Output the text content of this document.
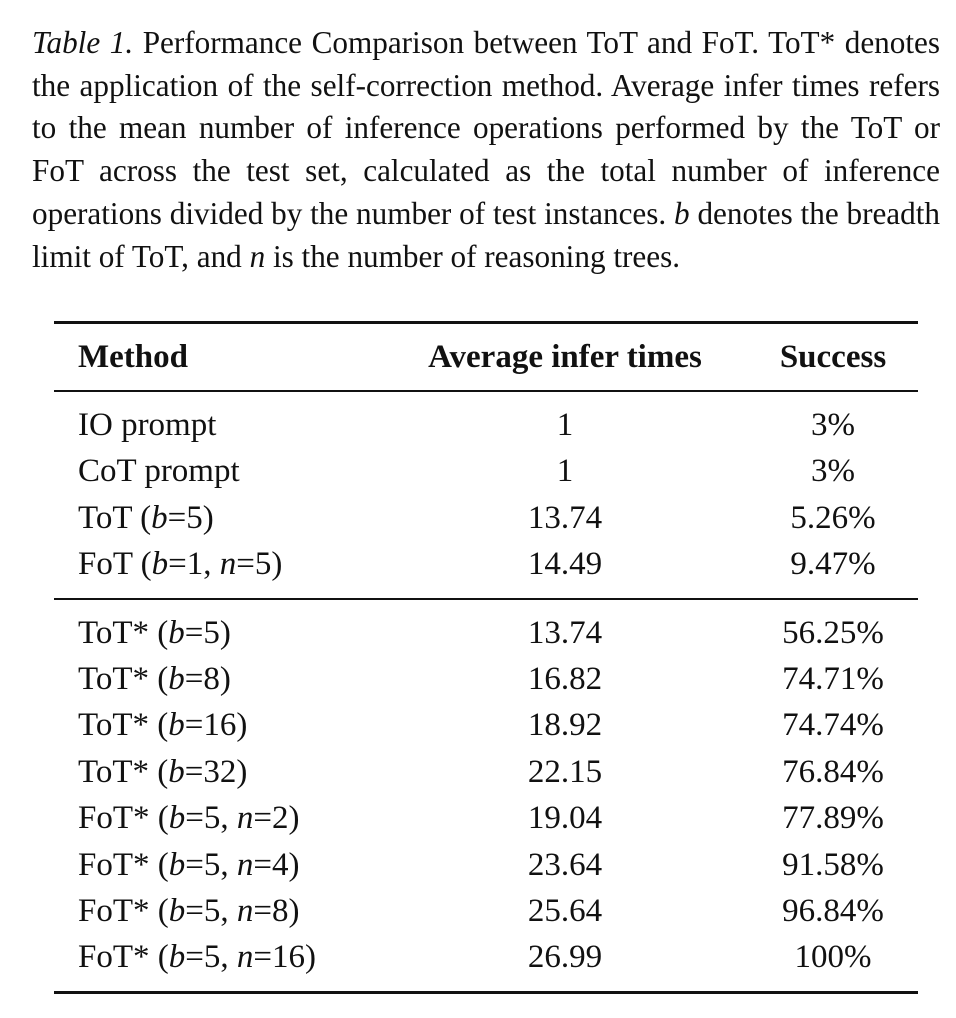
Table 1. Performance Comparison between ToT and FoT. ToT* denotes the application of the self-correction method. Average infer times refers to the mean number of inference operations performed by the ToT or FoT across the test set, calculated as the total number of inference operations divided by the number of test instances. b denotes the breadth limit of ToT, and n is the number of reasoning trees.
Method	Average infer times	Success
IO prompt	1	3%
CoT prompt	1	3%
ToT (b=5)	13.74	5.26%
FoT (b=1, n=5)	14.49	9.47%
ToT* (b=5)	13.74	56.25%
ToT* (b=8)	16.82	74.71%
ToT* (b=16)	18.92	74.74%
ToT* (b=32)	22.15	76.84%
FoT* (b=5, n=2)	19.04	77.89%
FoT* (b=5, n=4)	23.64	91.58%
FoT* (b=5, n=8)	25.64	96.84%
FoT* (b=5, n=16)	26.99	100%
